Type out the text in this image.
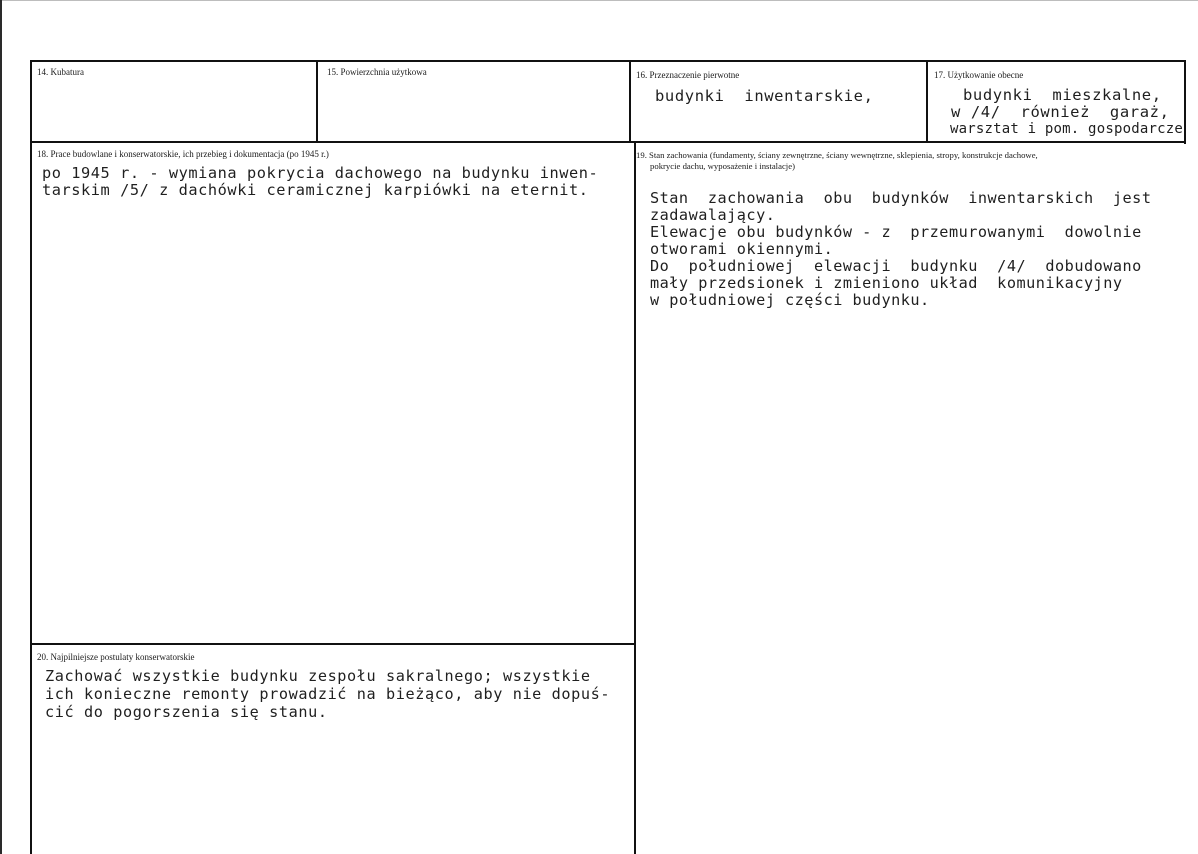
14. Kubatura	15. Powierzchnia użytkowa	16. Przeznaczenie pierwotne
budynki  inwentarskie,
17. Użytkowanie obecne
budynki  mieszkalne,
w /4/  również  garaż,
warsztat i pom. gospodarcze
18. Prace budowlane i konserwatorskie, ich przebieg i dokumentacja (po 1945 r.)
po 1945 r. - wymiana pokrycia dachowego na budynku inwen-
tarskim /5/ z dachówki ceramicznej karpiówki na eternit.
19. Stan zachowania (fundamenty, ściany zewnętrzne, ściany wewnętrzne, sklepienia, stropy, konstrukcje dachowe,
pokrycie dachu, wyposażenie i instalacje)
Stan  zachowania  obu  budynków  inwentarskich  jest
zadawalający.
Elewacje obu budynków - z  przemurowanymi  dowolnie
otworami okiennymi.
Do  południowej  elewacji  budynku  /4/  dobudowano
mały przedsionek i zmieniono układ  komunikacyjny
w południowej części budynku.
20. Najpilniejsze postulaty konserwatorskie
Zachować wszystkie budynku zespołu sakralnego; wszystkie
ich konieczne remonty prowadzić na bieżąco, aby nie dopuś-
cić do pogorszenia się stanu.
